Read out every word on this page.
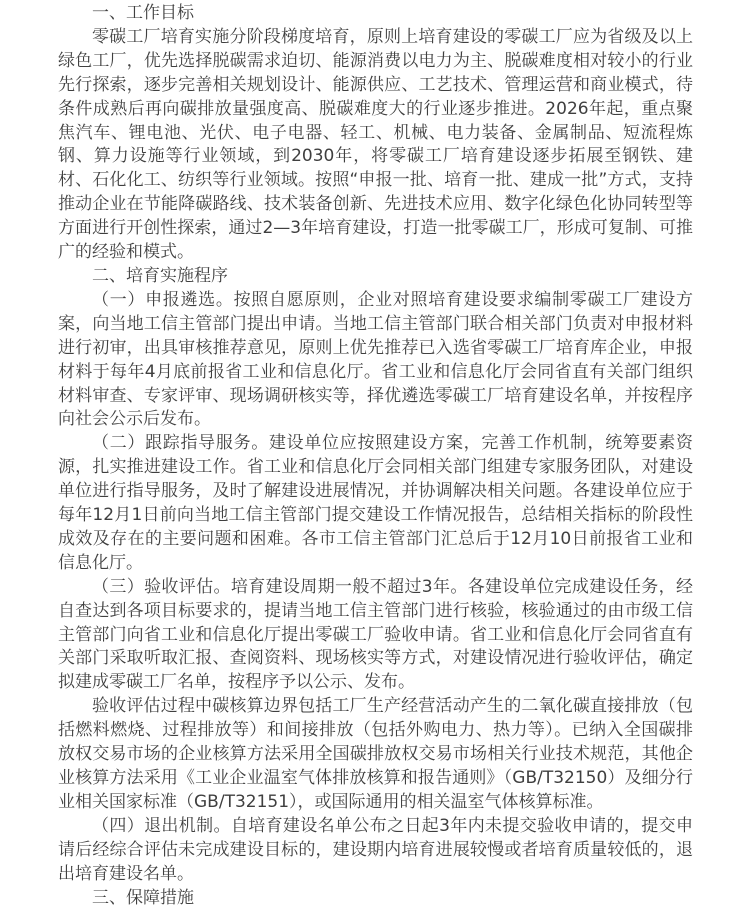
一、工作目标

零碳工厂培育实施分阶段梯度培育，原则上培育建设的零碳工厂应为省级及以上绿色工厂，优先选择脱碳需求迫切、能源消费以电力为主、脱碳难度相对较小的行业先行探索，逐步完善相关规划设计、能源供应、工艺技术、管理运营和商业模式，待条件成熟后再向碳排放量强度高、脱碳难度大的行业逐步推进。2026年起，重点聚焦汽车、锂电池、光伏、电子电器、轻工、机械、电力装备、金属制品、短流程炼钢、算力设施等行业领域，到2030年，将零碳工厂培育建设逐步拓展至钢铁、建材、石化化工、纺织等行业领域。按照“申报一批、培育一批、建成一批”方式，支持推动企业在节能降碳路线、技术装备创新、先进技术应用、数字化绿色化协同转型等方面进行开创性探索，通过2—3年培育建设，打造一批零碳工厂，形成可复制、可推广的经验和模式。

二、培育实施程序

（一）申报遴选。按照自愿原则，企业对照培育建设要求编制零碳工厂建设方案，向当地工信主管部门提出申请。当地工信主管部门联合相关部门负责对申报材料进行初审，出具审核推荐意见，原则上优先推荐已入选省零碳工厂培育库企业，申报材料于每年4月底前报省工业和信息化厅。省工业和信息化厅会同省直有关部门组织材料审查、专家评审、现场调研核实等，择优遴选零碳工厂培育建设名单，并按程序向社会公示后发布。

（二）跟踪指导服务。建设单位应按照建设方案，完善工作机制，统筹要素资源，扎实推进建设工作。省工业和信息化厅会同相关部门组建专家服务团队，对建设单位进行指导服务，及时了解建设进展情况，并协调解决相关问题。各建设单位应于每年12月1日前向当地工信主管部门提交建设工作情况报告，总结相关指标的阶段性成效及存在的主要问题和困难。各市工信主管部门汇总后于12月10日前报省工业和信息化厅。

（三）验收评估。培育建设周期一般不超过3年。各建设单位完成建设任务，经自查达到各项目标要求的，提请当地工信主管部门进行核验，核验通过的由市级工信主管部门向省工业和信息化厅提出零碳工厂验收申请。省工业和信息化厅会同省直有关部门采取听取汇报、查阅资料、现场核实等方式，对建设情况进行验收评估，确定拟建成零碳工厂名单，按程序予以公示、发布。

验收评估过程中碳核算边界包括工厂生产经营活动产生的二氧化碳直接排放（包括燃料燃烧、过程排放等）和间接排放（包括外购电力、热力等）。已纳入全国碳排放权交易市场的企业核算方法采用全国碳排放权交易市场相关行业技术规范，其他企业核算方法采用《工业企业温室气体排放核算和报告通则》（GB/T32150）及细分行业相关国家标准（GB/T32151），或国际通用的相关温室气体核算标准。

（四）退出机制。自培育建设名单公布之日起3年内未提交验收申请的，提交申请后经综合评估未完成建设目标的，建设期内培育进展较慢或者培育质量较低的，退出培育建设名单。

三、保障措施
